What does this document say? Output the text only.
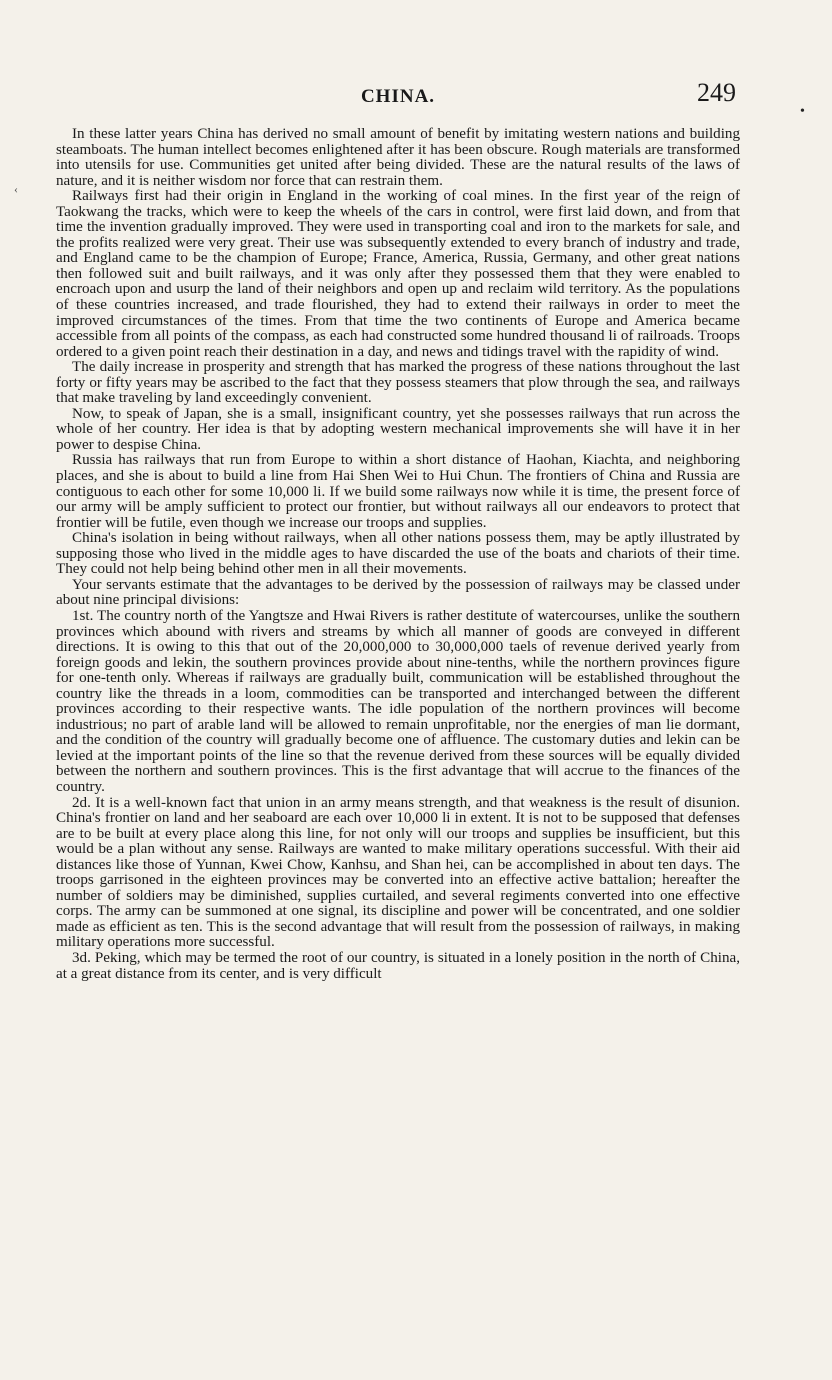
CHINA.	249
‹
•

In these latter years China has derived no small amount of benefit by imitating western nations and building steamboats. The human intellect becomes enlightened after it has been obscure. Rough materials are transformed into utensils for use. Communities get united after being divided. These are the natural results of the laws of nature, and it is neither wisdom nor force that can restrain them.

Railways first had their origin in England in the working of coal mines. In the first year of the reign of Taokwang the tracks, which were to keep the wheels of the cars in control, were first laid down, and from that time the invention gradually improved. They were used in transporting coal and iron to the markets for sale, and the profits realized were very great. Their use was subsequently extended to every branch of industry and trade, and England came to be the champion of Europe; France, America, Russia, Germany, and other great nations then followed suit and built railways, and it was only after they possessed them that they were enabled to encroach upon and usurp the land of their neighbors and open up and reclaim wild territory. As the populations of these countries increased, and trade flourished, they had to extend their railways in order to meet the improved circumstances of the times. From that time the two continents of Europe and America became accessible from all points of the compass, as each had constructed some hundred thousand li of railroads. Troops ordered to a given point reach their destination in a day, and news and tidings travel with the rapidity of wind.

The daily increase in prosperity and strength that has marked the progress of these nations throughout the last forty or fifty years may be ascribed to the fact that they possess steamers that plow through the sea, and railways that make traveling by land exceedingly convenient.

Now, to speak of Japan, she is a small, insignificant country, yet she possesses railways that run across the whole of her country. Her idea is that by adopting western mechanical improvements she will have it in her power to despise China.

Russia has railways that run from Europe to within a short distance of Haohan, Kiachta, and neighboring places, and she is about to build a line from Hai Shen Wei to Hui Chun. The frontiers of China and Russia are contiguous to each other for some 10,000 li. If we build some railways now while it is time, the present force of our army will be amply sufficient to protect our frontier, but without railways all our endeavors to protect that frontier will be futile, even though we increase our troops and supplies.

China's isolation in being without railways, when all other nations possess them, may be aptly illustrated by supposing those who lived in the middle ages to have discarded the use of the boats and chariots of their time. They could not help being behind other men in all their movements.

Your servants estimate that the advantages to be derived by the possession of railways may be classed under about nine principal divisions:

1st. The country north of the Yangtsze and Hwai Rivers is rather destitute of watercourses, unlike the southern provinces which abound with rivers and streams by which all manner of goods are conveyed in different directions. It is owing to this that out of the 20,000,000 to 30,000,000 taels of revenue derived yearly from foreign goods and lekin, the southern provinces provide about nine-tenths, while the northern provinces figure for one-tenth only. Whereas if railways are gradually built, communication will be established throughout the country like the threads in a loom, commodities can be transported and interchanged between the different provinces according to their respective wants. The idle population of the northern provinces will become industrious; no part of arable land will be allowed to remain unprofitable, nor the energies of man lie dormant, and the condition of the country will gradually become one of affluence. The customary duties and lekin can be levied at the important points of the line so that the revenue derived from these sources will be equally divided between the northern and southern provinces. This is the first advantage that will accrue to the finances of the country.

2d. It is a well-known fact that union in an army means strength, and that weakness is the result of disunion. China's frontier on land and her seaboard are each over 10,000 li in extent. It is not to be supposed that defenses are to be built at every place along this line, for not only will our troops and supplies be insufficient, but this would be a plan without any sense. Railways are wanted to make military operations successful. With their aid distances like those of Yunnan, Kwei Chow, Kanhsu, and Shan hei, can be accomplished in about ten days. The troops garrisoned in the eighteen provinces may be converted into an effective active battalion; hereafter the number of soldiers may be diminished, supplies curtailed, and several regiments converted into one effective corps. The army can be summoned at one signal, its discipline and power will be concentrated, and one soldier made as efficient as ten. This is the second advantage that will result from the possession of railways, in making military operations more successful.

3d. Peking, which may be termed the root of our country, is situated in a lonely position in the north of China, at a great distance from its center, and is very difficult
